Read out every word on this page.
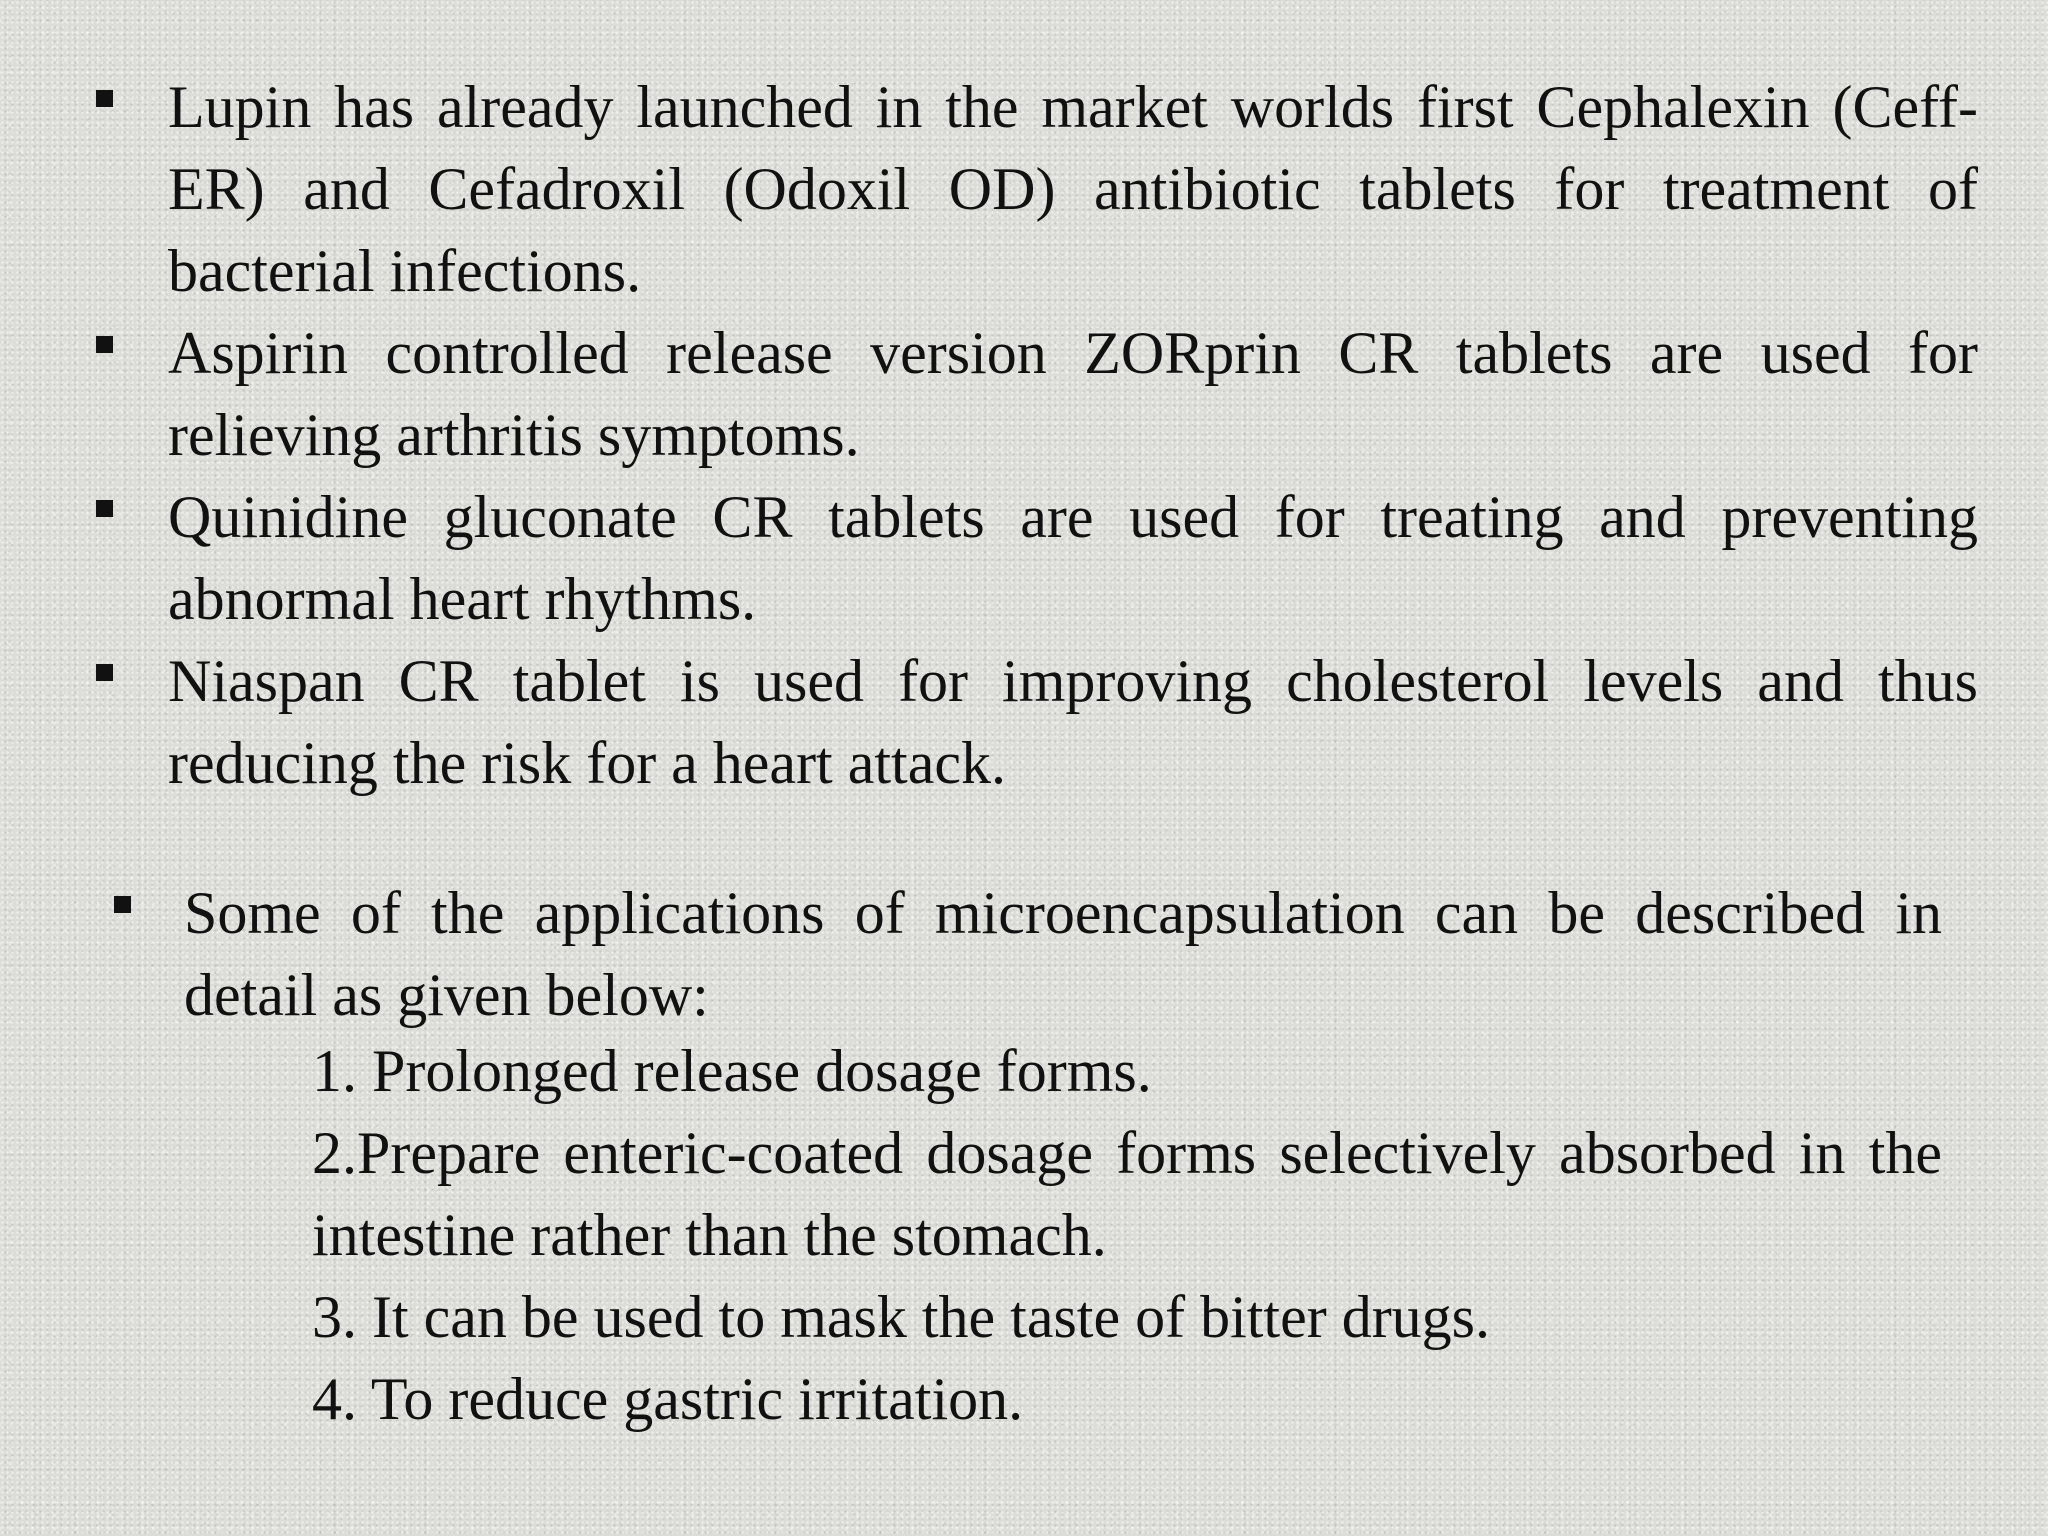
Lupin has already launched in the market worlds first Cephalexin (Ceff-ER) and Cefadroxil (Odoxil OD) antibiotic tablets for treatment of bacterial infections.
Aspirin controlled release version ZORprin CR tablets are used for relieving arthritis symptoms.
Quinidine gluconate CR tablets are used for treating and preventing abnormal heart rhythms.
Niaspan CR tablet is used for improving cholesterol levels and thus reducing the risk for a heart attack.
Some of the applications of microencapsulation can be described in detail as given below:
1. Prolonged release dosage forms.
2.Prepare enteric-coated dosage forms selectively absorbed in the intestine rather than the stomach.
3. It can be used to mask the taste of bitter drugs.
4. To reduce gastric irritation.
